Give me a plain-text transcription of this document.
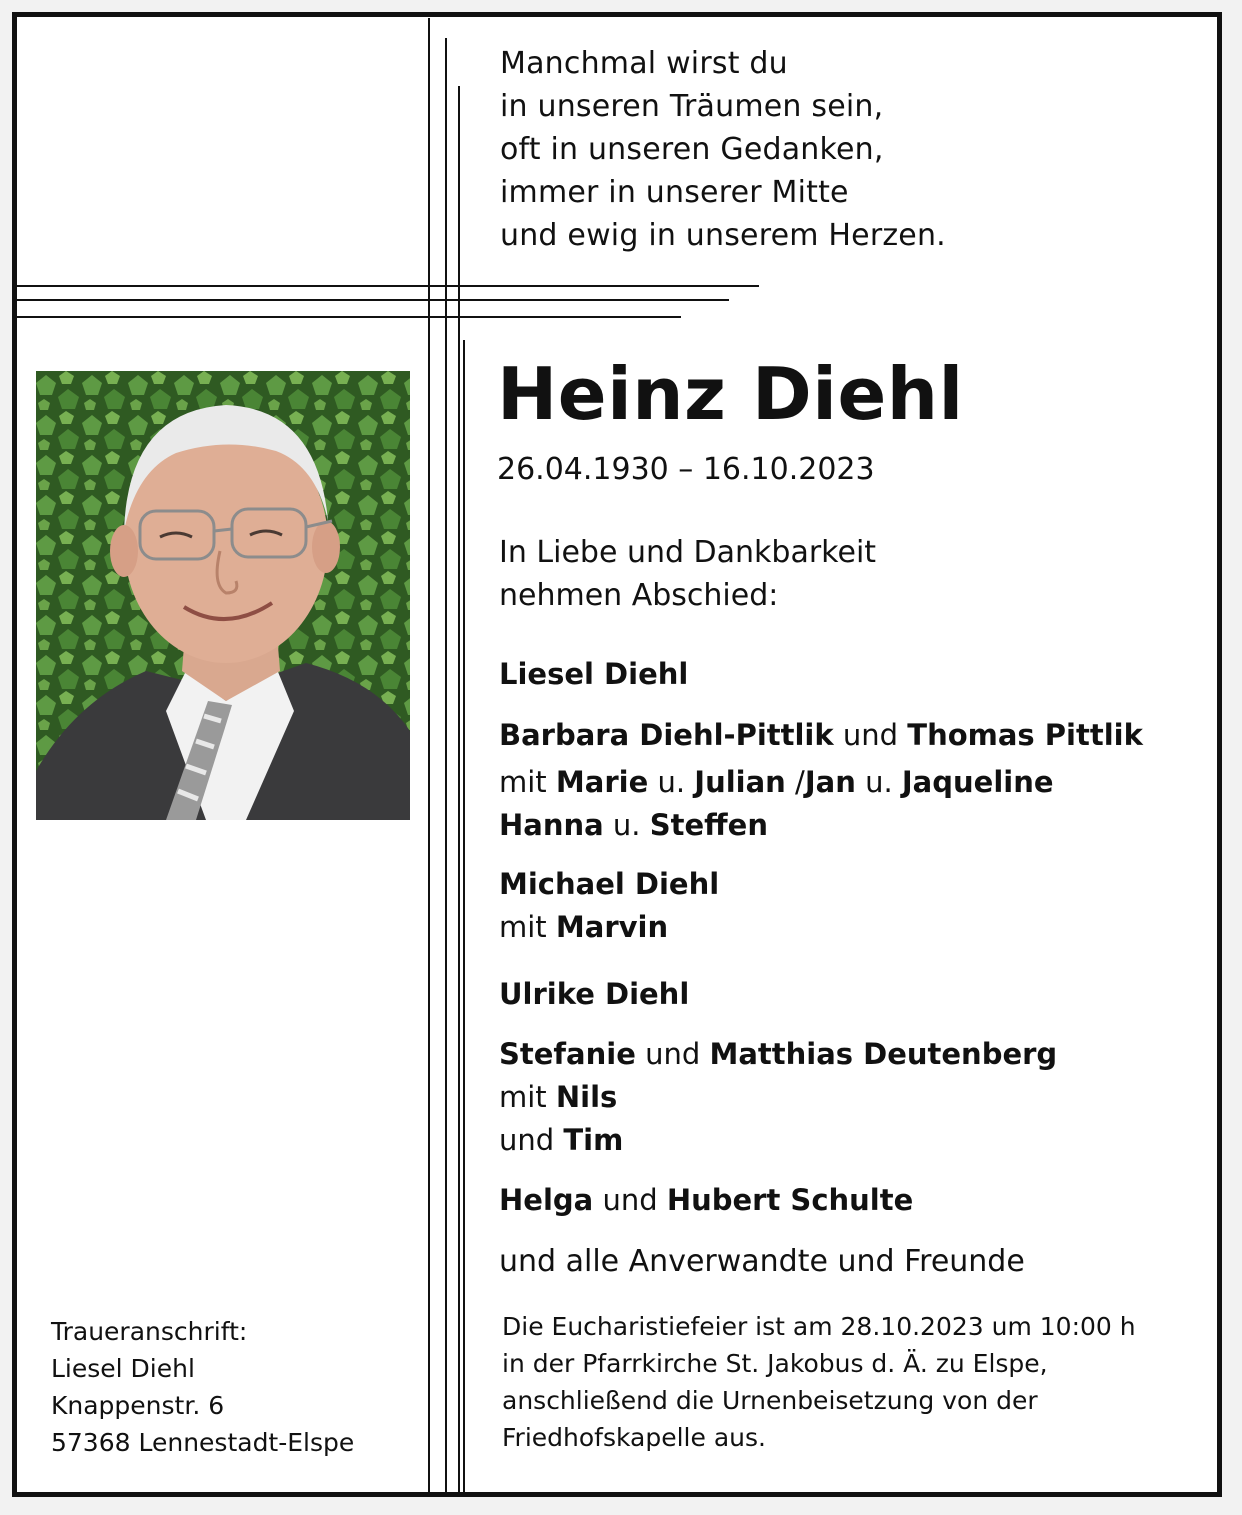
Manchmal wirst du
in unseren Träumen sein,
oft in unseren Gedanken,
immer in unserer Mitte
und ewig in unserem Herzen.
Heinz Diehl
26.04.1930 – 16.10.2023
In Liebe und Dankbarkeit
nehmen Abschied:
Liesel Diehl
Barbara Diehl-Pittlik und Thomas Pittlik
mit Marie u. Julian /Jan u. Jaqueline
Hanna u. Steffen
Michael Diehl
mit Marvin
Ulrike Diehl
Stefanie und Matthias Deutenberg
mit Nils
und Tim
Helga und Hubert Schulte
und alle Anverwandte und Freunde
Die Eucharistiefeier ist am 28.10.2023 um 10:00 h
in der Pfarrkirche St. Jakobus d. Ä. zu Elspe,
anschließend die Urnenbeisetzung von der
Friedhofskapelle aus.
Traueranschrift:
Liesel Diehl
Knappenstr. 6
57368 Lennestadt-Elspe
